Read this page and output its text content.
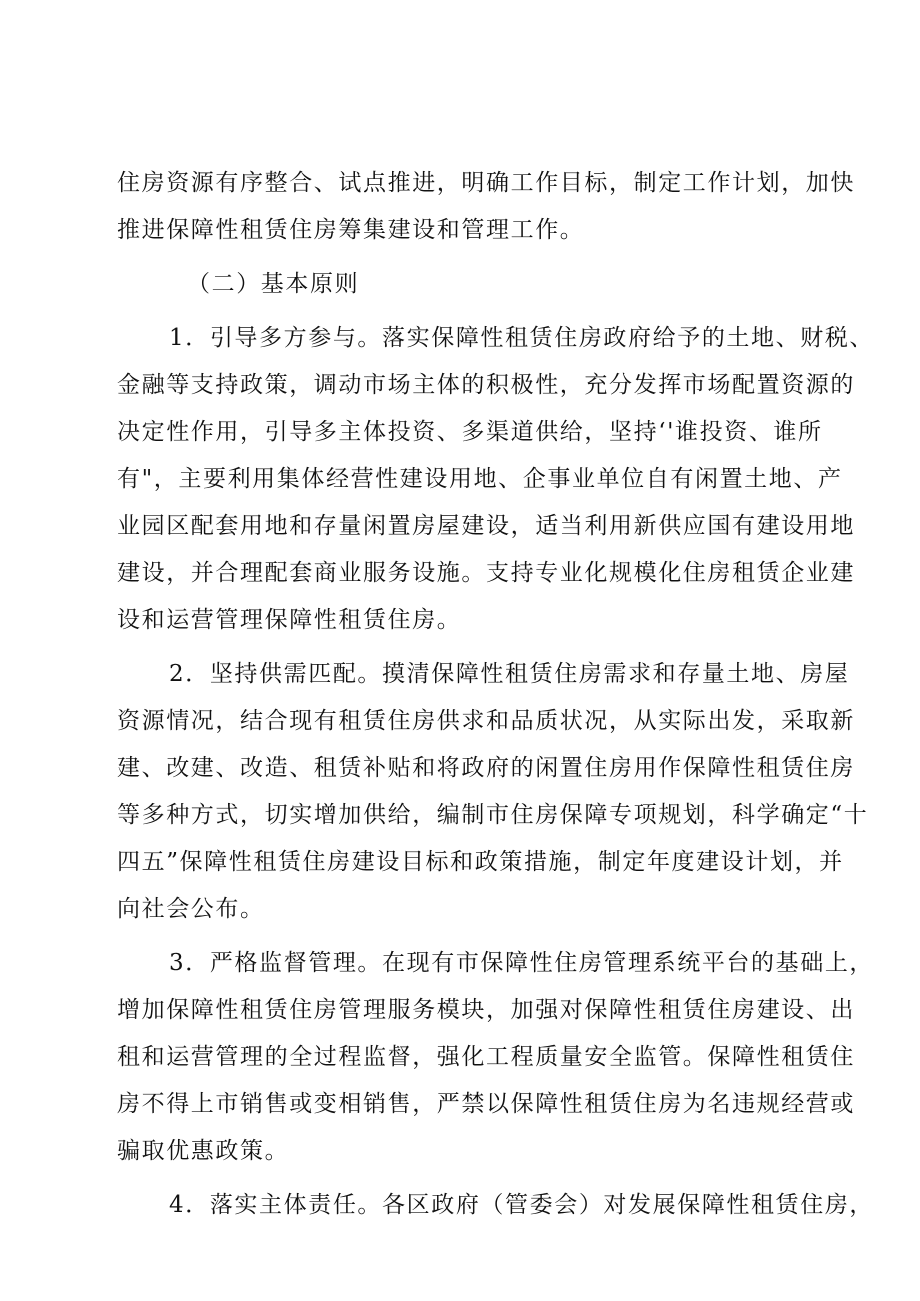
住房资源有序整合、试点推进，明确工作目标，制定工作计划，加快
推进保障性租赁住房筹集建设和管理工作。
（二）基本原则
1．引导多方参与。落实保障性租赁住房政府给予的土地、财税、
金融等支持政策，调动市场主体的积极性，充分发挥市场配置资源的
决定性作用，引导多主体投资、多渠道供给，坚持‘'谁投资、谁所
有"，主要利用集体经营性建设用地、企事业单位自有闲置土地、产
业园区配套用地和存量闲置房屋建设，适当利用新供应国有建设用地
建设，并合理配套商业服务设施。支持专业化规模化住房租赁企业建
设和运营管理保障性租赁住房。
2．坚持供需匹配。摸清保障性租赁住房需求和存量土地、房屋
资源情况，结合现有租赁住房供求和品质状况，从实际出发，采取新
建、改建、改造、租赁补贴和将政府的闲置住房用作保障性租赁住房
等多种方式，切实增加供给，编制市住房保障专项规划，科学确定“十
四五”保障性租赁住房建设目标和政策措施，制定年度建设计划，并
向社会公布。
3．严格监督管理。在现有市保障性住房管理系统平台的基础上，
增加保障性租赁住房管理服务模块，加强对保障性租赁住房建设、出
租和运营管理的全过程监督，强化工程质量安全监管。保障性租赁住
房不得上市销售或变相销售，严禁以保障性租赁住房为名违规经营或
骗取优惠政策。
4．落实主体责任。各区政府（管委会）对发展保障性租赁住房，
